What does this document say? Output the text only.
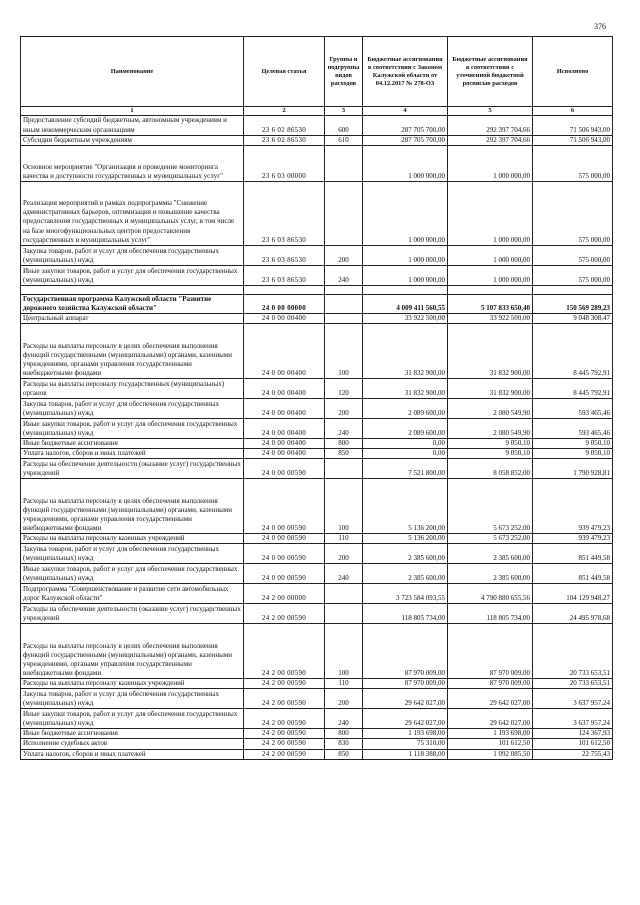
376
Наименование	Целевая статья	Группы и подгруппы видов расходов	Бюджетные ассигнования в соответствии с Законом Калужской области от 04.12.2017 № 278-ОЗ	Бюджетные ассигнования в соответствии с уточненной бюджетной росписью расходов	Исполнено
1	2	3	4	5	6
Предоставление субсидий бюджетным, автономным учреждениям и иным некоммерческим организациям	23 6 02 86530	600	287 705 700,00	292 397 704,66	71 506 943,00
Субсидии бюджетным учреждениям	23 6 02 86530	610	287 705 700,00	292 397 704,66	71 506 943,00
Основное мероприятие "Организация и проведение мониторинга качества и доступности государственных и муниципальных услуг"	23 6 03 00000		1 000 000,00	1 000 000,00	575 000,00
Реализация мероприятий в рамках подпрограммы "Снижение административных барьеров, оптимизация и повышение качества предоставления государственных и муниципальных услуг, в том числе на базе многофункциональных центров предоставления государственных и муниципальных услуг"	23 6 03 86530		1 000 000,00	1 000 000,00	575 000,00
Закупка товаров, работ и услуг для обеспечения государственных (муниципальных) нужд	23 6 03 86530	200	1 000 000,00	1 000 000,00	575 000,00
Иные закупки товаров, работ и услуг для обеспечения государственных (муниципальных) нужд	23 6 03 86530	240	1 000 000,00	1 000 000,00	575 000,00

Государственная программа Калужской области "Развитие дорожного хозяйства Калужской области"	24 0 00 00000		4 009 411 560,55	5 107 833 650,40	150 569 289,23
Центральный аппарат	24 0 00 00400		33 922 500,00	33 922 500,00	9 048 308,47
Расходы на выплаты персоналу в целях обеспечения выполнения функций государственными (муниципальными) органами, казенными учреждениями, органами управления государственными внебюджетными фондами	24 0 00 00400	100	31 832 900,00	31 832 900,00	8 445 792,91
Расходы на выплаты персоналу государственных (муниципальных) органов	24 0 00 00400	120	31 832 900,00	31 832 900,00	8 445 792,91
Закупка товаров, работ и услуг для обеспечения государственных (муниципальных) нужд	24 0 00 00400	200	2 089 600,00	2 080 549,90	593 465,46
Иные закупки товаров, работ и услуг для обеспечения государственных (муниципальных) нужд	24 0 00 00400	240	2 089 600,00	2 080 549,90	593 465,46
Иные бюджетные ассигнования	24 0 00 00400	800	0,00	9 050,10	9 050,10
Уплата налогов, сборов и иных платежей	24 0 00 00400	850	0,00	9 050,10	9 050,10
Расходы на обеспечение деятельности (оказание услуг) государственных учреждений	24 0 00 00590		7 521 800,00	8 058 852,00	1 790 928,81
Расходы на выплаты персоналу в целях обеспечения выполнения функций государственными (муниципальными) органами, казенными учреждениями, органами управления государственными внебюджетными фондами	24 0 00 00590	100	5 136 200,00	5 673 252,00	939 479,23
Расходы на выплаты персоналу казенных учреждений	24 0 00 00590	110	5 136 200,00	5 673 252,00	939 479,23
Закупка товаров, работ и услуг для обеспечения государственных (муниципальных) нужд	24 0 00 00590	200	2 385 600,00	2 385 600,00	851 449,58
Иные закупки товаров, работ и услуг для обеспечения государственных (муниципальных) нужд	24 0 00 00590	240	2 385 600,00	2 385 600,00	851 449,58
Подпрограмма "Совершенствование и развитие сети автомобильных дорог Калужской области"	24 2 00 00000		3 723 584 093,55	4 790 880 655,56	104 129 948,27
Расходы на обеспечение деятельности (оказание услуг) государственных учреждений	24 2 00 00590		118 805 734,00	118 805 734,00	24 495 978,68
Расходы на выплаты персоналу в целях обеспечения выполнения функций государственными (муниципальными) органами, казенными учреждениями, органами управления государственными внебюджетными фондами	24 2 00 00590	100	87 970 009,00	87 970 009,00	20 733 653,51
Расходы на выплаты персоналу казенных учреждений	24 2 00 00590	110	87 970 009,00	87 970 009,00	20 733 653,51
Закупка товаров, работ и услуг для обеспечения государственных (муниципальных) нужд	24 2 00 00590	200	29 642 027,00	29 642 027,00	3 637 957,24
Иные закупки товаров, работ и услуг для обеспечения государственных (муниципальных) нужд	24 2 00 00590	240	29 642 027,00	29 642 027,00	3 637 957,24
Иные бюджетные ассигнования	24 2 00 00590	800	1 193 698,00	1 193 698,00	124 367,93
Исполнение судебных актов	24 2 00 00590	830	75 310,00	101 612,50	101 612,50
Уплата налогов, сборов и иных платежей	24 2 00 00590	850	1 118 388,00	1 092 085,50	22 755,43
